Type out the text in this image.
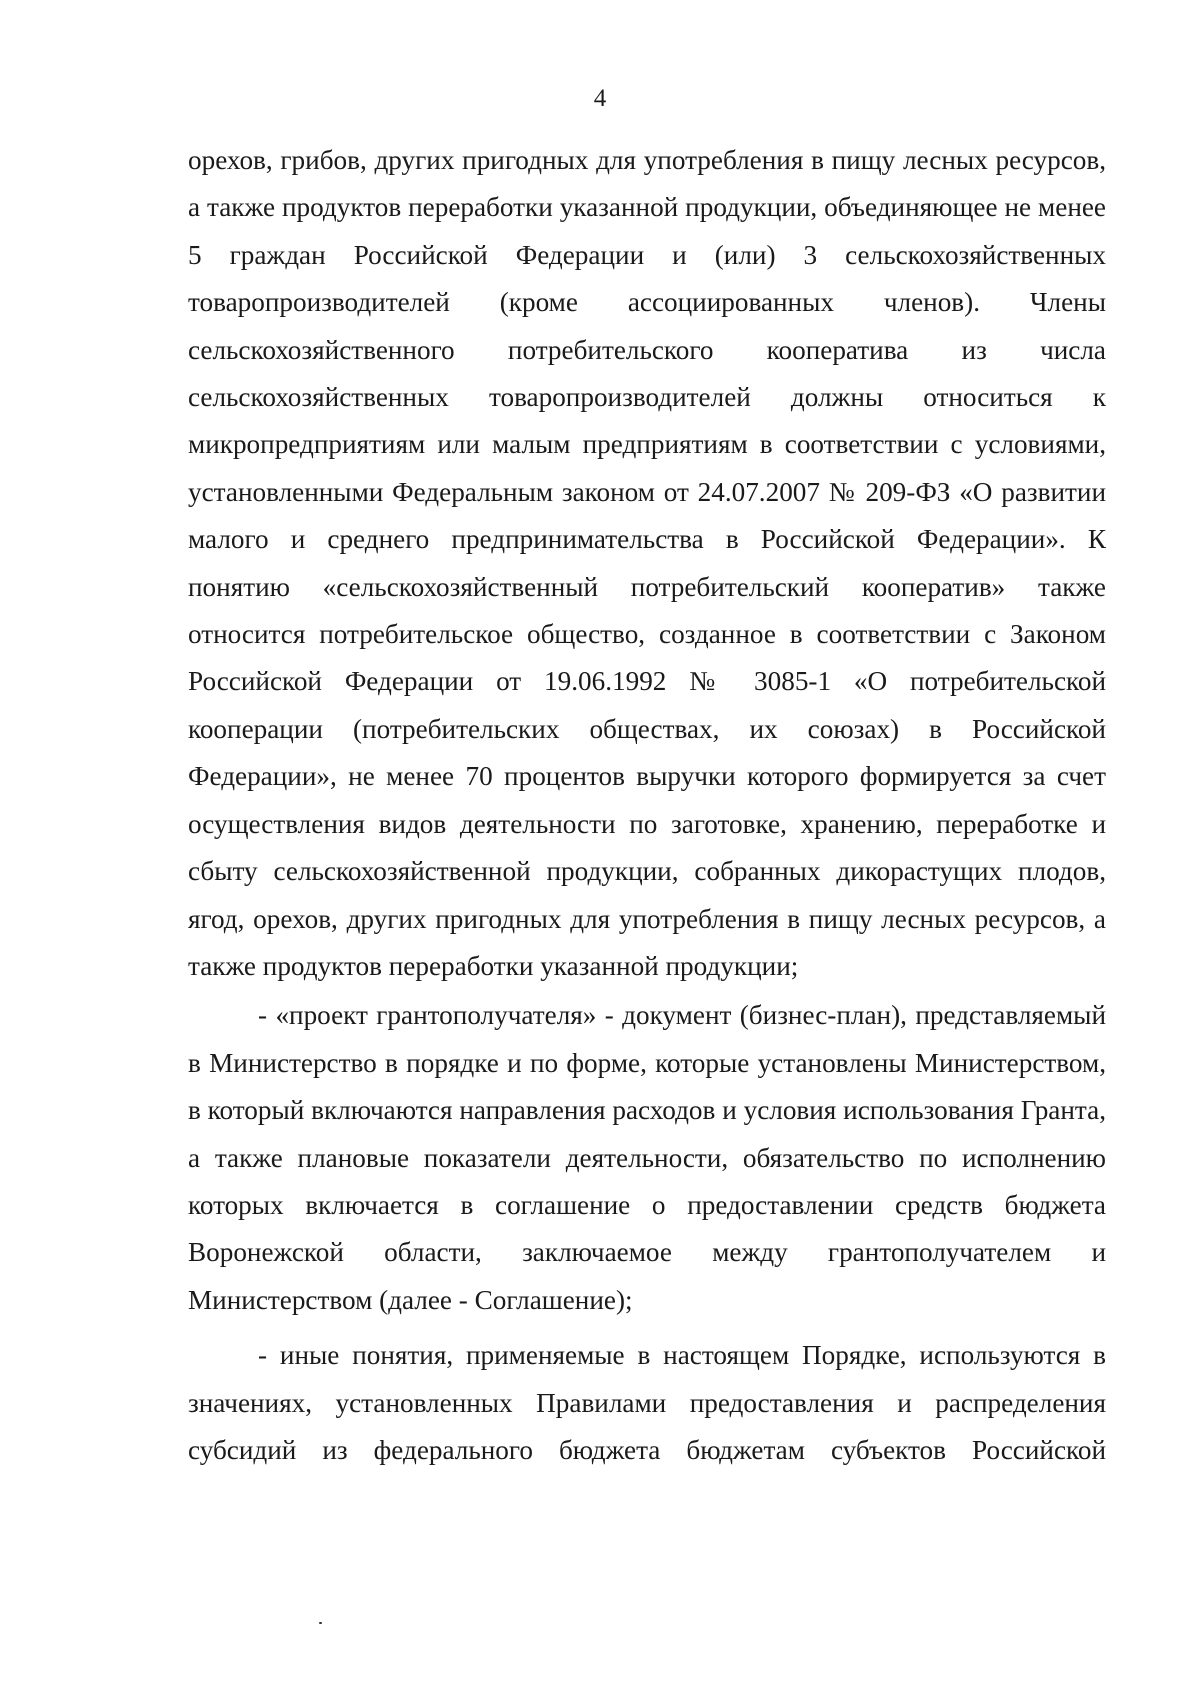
4

орехов, грибов, других пригодных для употребления в пищу лесных ресурсов, а также продуктов переработки указанной продукции, объединяющее не менее 5 граждан Российской Федерации и (или) 3 сельскохозяйственных товаропроизводителей (кроме ассоциированных членов). Члены сельскохозяйственного потребительского кооператива из числа сельскохозяйственных товаропроизводителей должны относиться к микропредприятиям или малым предприятиям в соответствии с условиями, установленными Федеральным законом от 24.07.2007 № 209-ФЗ «О развитии малого и среднего предпринимательства в Российской Федерации». К понятию «сельскохозяйственный потребительский кооператив» также относится потребительское общество, созданное в соответствии с Законом Российской Федерации от 19.06.1992 № 3085-1 «О потребительской кооперации (потребительских обществах, их союзах) в Российской Федерации», не менее 70 процентов выручки которого формируется за счет осуществления видов деятельности по заготовке, хранению, переработке и сбыту сельскохозяйственной продукции, собранных дикорастущих плодов, ягод, орехов, других пригодных для употребления в пищу лесных ресурсов, а также продуктов переработки указанной продукции;

- «проект грантополучателя» - документ (бизнес-план), представляемый в Министерство в порядке и по форме, которые установлены Министерством, в который включаются направления расходов и условия использования Гранта, а также плановые показатели деятельности, обязательство по исполнению которых включается в соглашение о предоставлении средств бюджета Воронежской области, заключаемое между грантополучателем и Министерством (далее - Соглашение);

- иные понятия, применяемые в настоящем Порядке, используются в значениях, установленных Правилами предоставления и распределения субсидий из федерального бюджета бюджетам субъектов Российской
